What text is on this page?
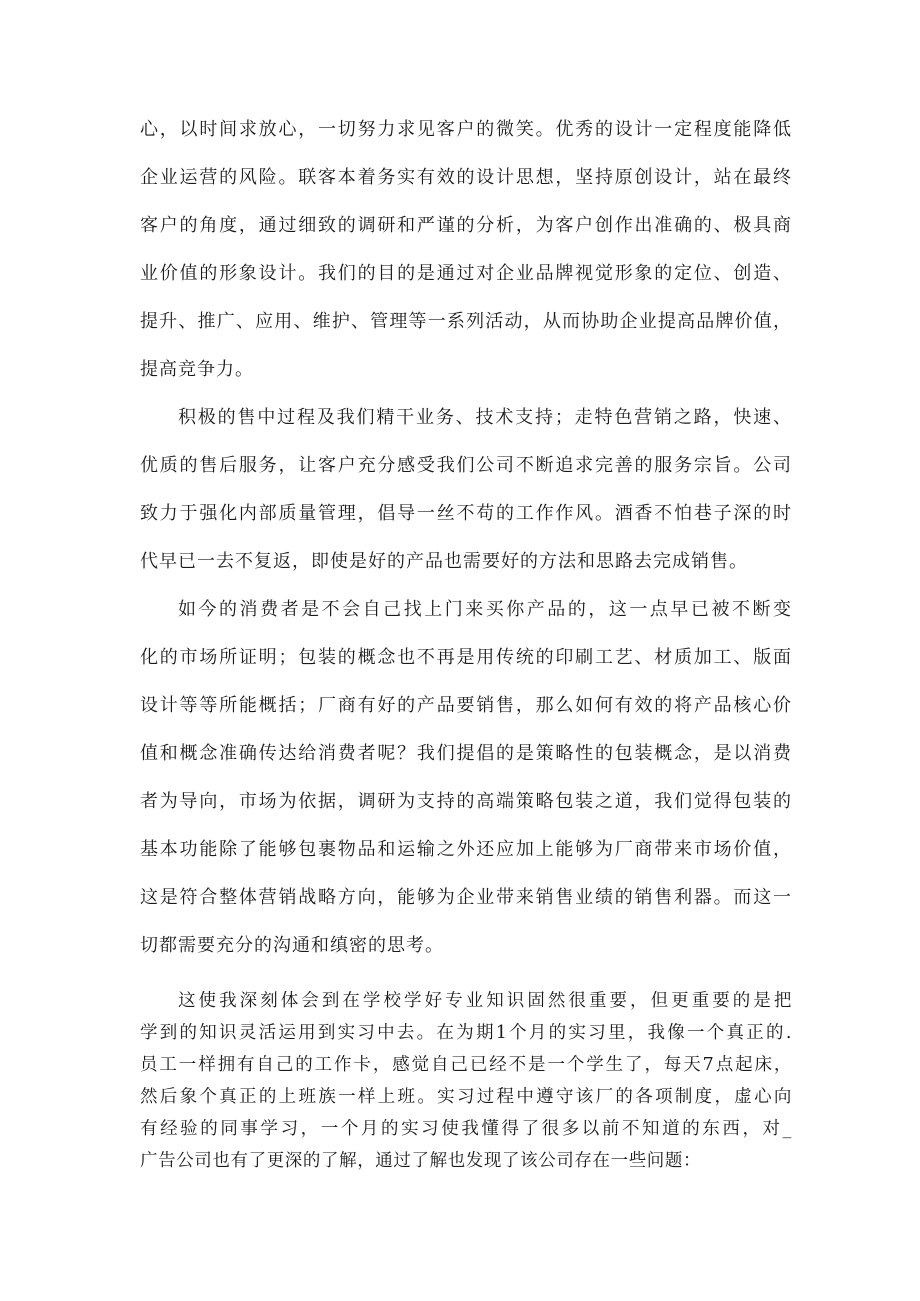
心，以时间求放心，一切努力求见客户的微笑。优秀的设计一定程度能降低
企业运营的风险。联客本着务实有效的设计思想，坚持原创设计，站在最终
客户的角度，通过细致的调研和严谨的分析，为客户创作出准确的、极具商
业价值的形象设计。我们的目的是通过对企业品牌视觉形象的定位、创造、
提升、推广、应用、维护、管理等一系列活动，从而协助企业提高品牌价值，
提高竞争力。
积极的售中过程及我们精干业务、技术支持；走特色营销之路，快速、
优质的售后服务，让客户充分感受我们公司不断追求完善的服务宗旨。公司
致力于强化内部质量管理，倡导一丝不苟的工作作风。酒香不怕巷子深的时
代早已一去不复返，即使是好的产品也需要好的方法和思路去完成销售。
如今的消费者是不会自己找上门来买你产品的，这一点早已被不断变
化的市场所证明；包装的概念也不再是用传统的印刷工艺、材质加工、版面
设计等等所能概括；厂商有好的产品要销售，那么如何有效的将产品核心价
值和概念准确传达给消费者呢？我们提倡的是策略性的包装概念，是以消费
者为导向，市场为依据，调研为支持的高端策略包装之道，我们觉得包装的
基本功能除了能够包裹物品和运输之外还应加上能够为厂商带来市场价值，
这是符合整体营销战略方向，能够为企业带来销售业绩的销售利器。而这一
切都需要充分的沟通和缜密的思考。
这使我深刻体会到在学校学好专业知识固然很重要，但更重要的是把
学到的知识灵活运用到实习中去。在为期1个月的实习里，我像一个真正的.
员工一样拥有自己的工作卡，感觉自己已经不是一个学生了，每天7点起床，
然后象个真正的上班族一样上班。实习过程中遵守该厂的各项制度，虚心向
有经验的同事学习，一个月的实习使我懂得了很多以前不知道的东西，对_
广告公司也有了更深的了解，通过了解也发现了该公司存在一些问题：
